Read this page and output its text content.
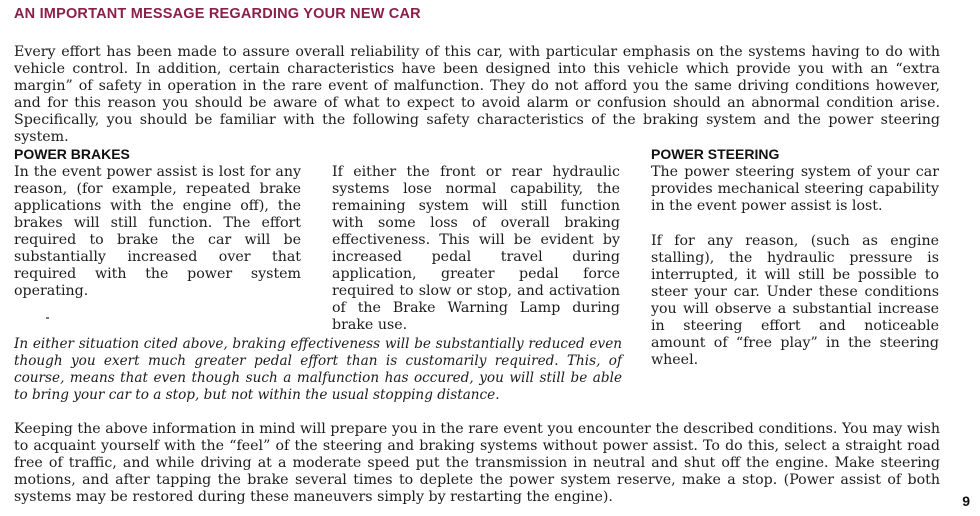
AN IMPORTANT MESSAGE REGARDING YOUR NEW CAR

Every effort has been made to assure overall reliability of this car, with particular emphasis on the systems having to do with vehicle control. In addition, certain characteristics have been designed into this vehicle which provide you with an “extra margin” of safety in operation in the rare event of malfunction. They do not afford you the same driving conditions however, and for this reason you should be aware of what to expect to avoid alarm or confusion should an abnormal condition arise. Specifically, you should be familiar with the following safety characteristics of the braking system and the power steering system.

POWER BRAKES

In the event power assist is lost for any reason, (for example, repeated brake applications with the engine off), the brakes will still function. The effort required to brake the car will be substantially increased over that required with the power system operating.

If either the front or rear hydraulic systems lose normal capability, the remaining system will still function with some loss of overall braking effectiveness. This will be evident by increased pedal travel during application, greater pedal force required to slow or stop, and activation of the Brake Warning Lamp during brake use.

In either situation cited above, braking effectiveness will be substantially reduced even though you exert much greater pedal effort than is customarily required. This, of course, means that even though such a malfunction has occured, you will still be able to bring your car to a stop, but not within the usual stopping distance.

POWER STEERING

The power steering system of your car provides mechanical steering capability in the event power assist is lost.

If for any reason, (such as engine stalling), the hydraulic pressure is interrupted, it will still be possible to steer your car. Under these conditions you will observe a substantial increase in steering effort and noticeable amount of “free play” in the steering wheel.

Keeping the above information in mind will prepare you in the rare event you encounter the described conditions. You may wish to acquaint yourself with the “feel” of the steering and braking systems without power assist. To do this, select a straight road free of traffic, and while driving at a moderate speed put the transmission in neutral and shut off the engine. Make steering motions, and after tapping the brake several times to deplete the power system reserve, make a stop. (Power assist of both systems may be restored during these maneuvers simply by restarting the engine).	9
